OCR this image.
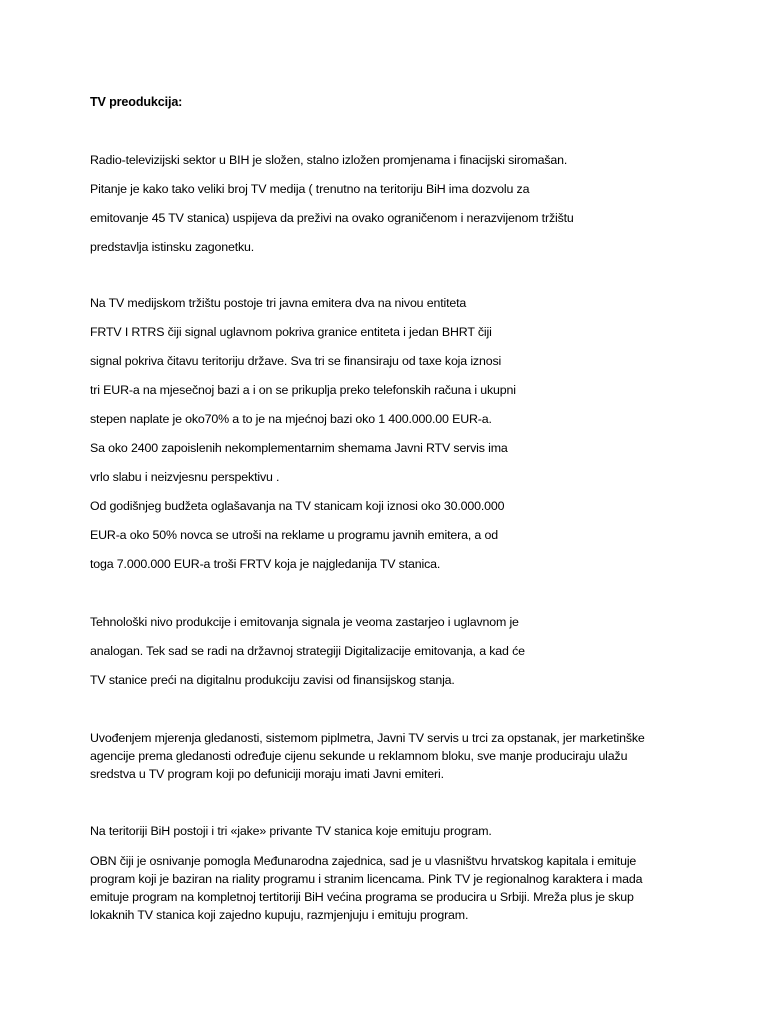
TV preodukcija:

Radio-televizijski sektor u BIH je složen, stalno izložen promjenama i finacijski siromašan.

Pitanje je kako tako veliki broj TV medija ( trenutno na teritoriju BiH ima dozvolu za

emitovanje 45 TV stanica) uspijeva da preživi na ovako ograničenom i nerazvijenom tržištu

predstavlja istinsku zagonetku.

Na TV medijskom tržištu postoje tri javna emitera dva na nivou entiteta

FRTV I RTRS čiji signal uglavnom pokriva granice entiteta i jedan BHRT čiji

signal pokriva čitavu teritoriju države. Sva tri se finansiraju od taxe koja iznosi

tri EUR-a na mjesečnoj bazi a i on se prikuplja preko telefonskih računa i ukupni

stepen naplate je oko70% a to je na mjećnoj bazi oko 1 400.000.00 EUR-a.

Sa oko 2400 zapoislenih nekomplementarnim shemama Javni RTV servis ima

vrlo slabu i neizvjesnu perspektivu .

Od godišnjeg budžeta oglašavanja na TV stanicam koji iznosi oko 30.000.000

EUR-a oko 50% novca se utroši na reklame u programu javnih emitera, a od

toga 7.000.000 EUR-a troši FRTV koja je najgledanija TV stanica.

Tehnološki nivo produkcije i emitovanja signala je veoma zastarjeo i uglavnom je

analogan. Tek sad se radi na državnoj strategiji Digitalizacije emitovanja, a kad će

TV stanice preći na digitalnu produkciju zavisi od finansijskog stanja.

Uvođenjem mjerenja gledanosti, sistemom piplmetra, Javni TV servis u trci za opstanak, jer marketinške

agencije prema gledanosti određuje cijenu sekunde u reklamnom bloku, sve manje produciraju ulažu

sredstva u TV program koji po defuniciji moraju imati Javni emiteri.

Na teritoriji BiH postoji i tri «jake» privante TV stanica koje emituju program.

OBN čiji je osnivanje pomogla Međunarodna zajednica, sad je u vlasništvu hrvatskog kapitala i emituje

program koji je baziran na riality programu i stranim licencama. Pink TV je regionalnog karaktera i mada

emituje program na kompletnoj tertitoriji BiH većina programa se producira u Srbiji. Mreža plus je skup

lokaknih TV stanica koji zajedno kupuju, razmjenjuju i emituju program.
